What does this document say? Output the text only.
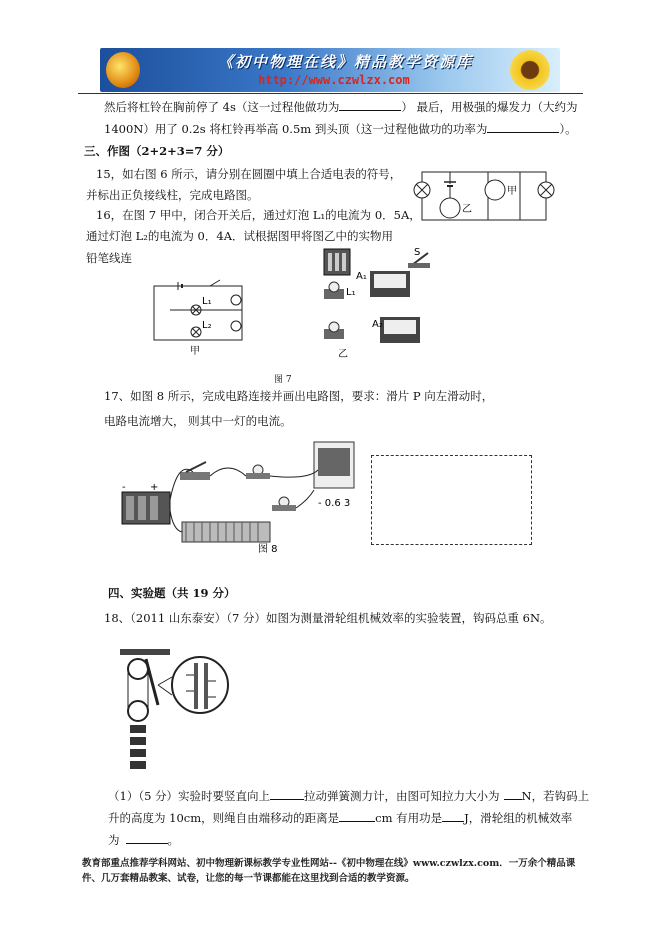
《初中物理在线》精品教学资源库
http://www.czwlzx.com
然后将杠铃在胸前停了 4s（这一过程他做功为	） 最后，用极强的爆发力（大约为
1400N）用了 0.2s 将杠铃再举高 0.5m 到头顶（这一过程他做功的功率为	）。
三、作图（2+2+3=7 分）
15，如右图 6 所示，请分别在圆圈中填上合适电表的符号，
并标出正负接线柱，完成电路图。
乙
甲
16，在图 7 甲中，闭合开关后，通过灯泡 L₁的电流为 0．5A，
通过灯泡 L₂的电流为 0．4A．试根据图甲将图乙中的实物用
铅笔线连
L₁
L₂
甲
A₁
L₁
A₂
S
乙
图 7
17、如图 8 所示，完成电路连接并画出电路图，要求：滑片 P 向左滑动时，
电路电流增大， 则其中一灯的电流。
- +
- 0.6 3
图 8
四、实验题（共 19 分）
18、（2011 山东泰安）（7 分）如图为测量滑轮组机械效率的实验装置，钩码总重 6N。
（1）（5 分）实验时要竖直向上	拉动弹簧测力计，由图可知拉力大小为 N，若钩码上
升的高度为 10cm，则绳自由端移动的距离是	cm 有用功是 J，滑轮组的机械效率
为	。
教育部重点推荐学科网站、初中物理新课标教学专业性网站--《初中物理在线》www.czwlzx.com．一万余个精品课
件、几万套精品教案、试卷，让您的每一节课都能在这里找到合适的教学资源。
